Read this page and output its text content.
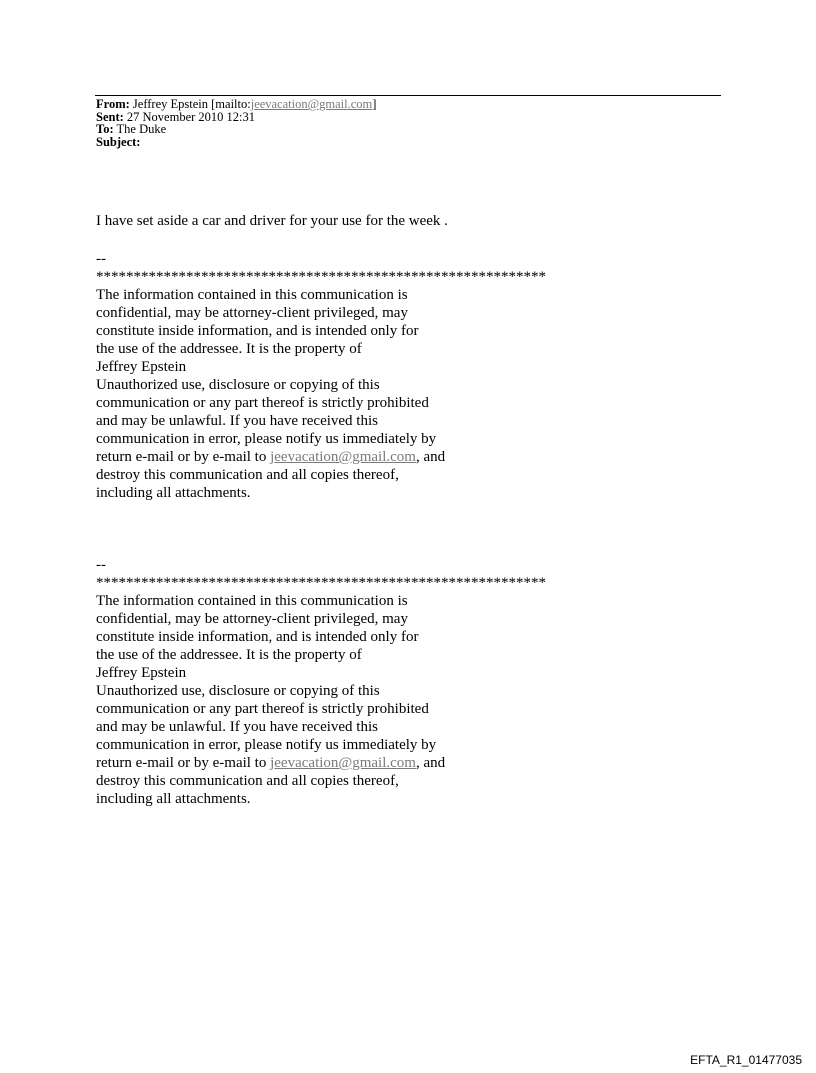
From: Jeffrey Epstein [mailto:jeevacation@gmail.com]
Sent: 27 November 2010 12:31
To: The Duke
Subject:
I have set aside a car and driver for your use for the week .
--
************************************************************
The information contained in this communication is
confidential, may be attorney-client privileged, may
constitute inside information, and is intended only for
the use of the addressee. It is the property of
Jeffrey Epstein
Unauthorized use, disclosure or copying of this
communication or any part thereof is strictly prohibited
and may be unlawful. If you have received this
communication in error, please notify us immediately by
return e-mail or by e-mail to jeevacation@gmail.com, and
destroy this communication and all copies thereof,
including all attachments.
--
************************************************************
The information contained in this communication is
confidential, may be attorney-client privileged, may
constitute inside information, and is intended only for
the use of the addressee. It is the property of
Jeffrey Epstein
Unauthorized use, disclosure or copying of this
communication or any part thereof is strictly prohibited
and may be unlawful. If you have received this
communication in error, please notify us immediately by
return e-mail or by e-mail to jeevacation@gmail.com, and
destroy this communication and all copies thereof,
including all attachments.
EFTA_R1_01477035
